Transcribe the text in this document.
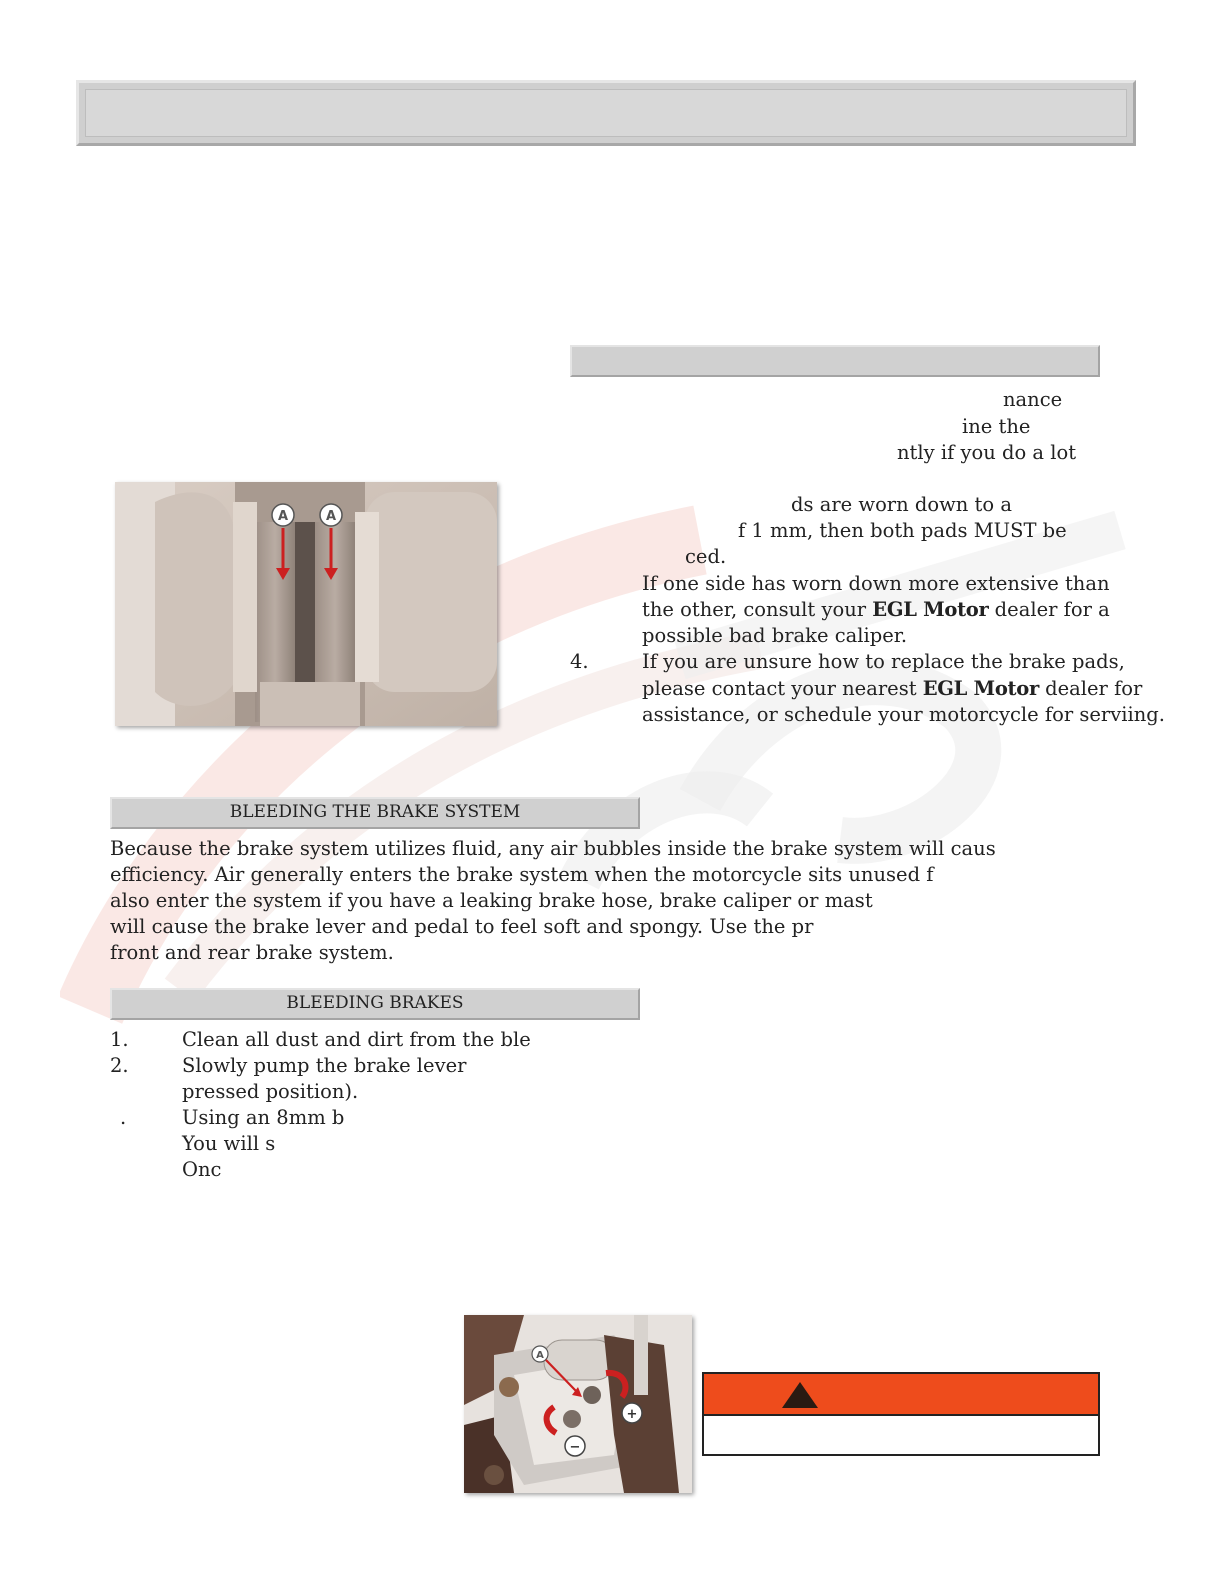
nance
ine the
ntly if you do a lot
ds are worn down to a
f 1 mm, then both pads MUST be
ced.
If one side has worn down more extensive than
the other, consult your EGL Motor dealer for a
possible bad brake caliper.
4.	If you are unsure how to replace the brake pads,
please contact your nearest EGL Motor dealer for
assistance, or schedule your motorcycle for serviing.
A	A
BLEEDING THE BRAKE SYSTEM
Because the brake system utilizes fluid, any air bubbles inside the brake system will caus
efficiency. Air generally enters the brake system when the motorcycle sits unused f
also enter the system if you have a leaking brake hose, brake caliper or mast
will cause the brake lever and pedal to feel soft and spongy. Use the pr
front and rear brake system.
BLEEDING BRAKES
1.	Clean all dust and dirt from the ble
2.	Slowly pump the brake lever
pressed position).
.	Using an 8mm b
You will s
Onc
A
+
−
